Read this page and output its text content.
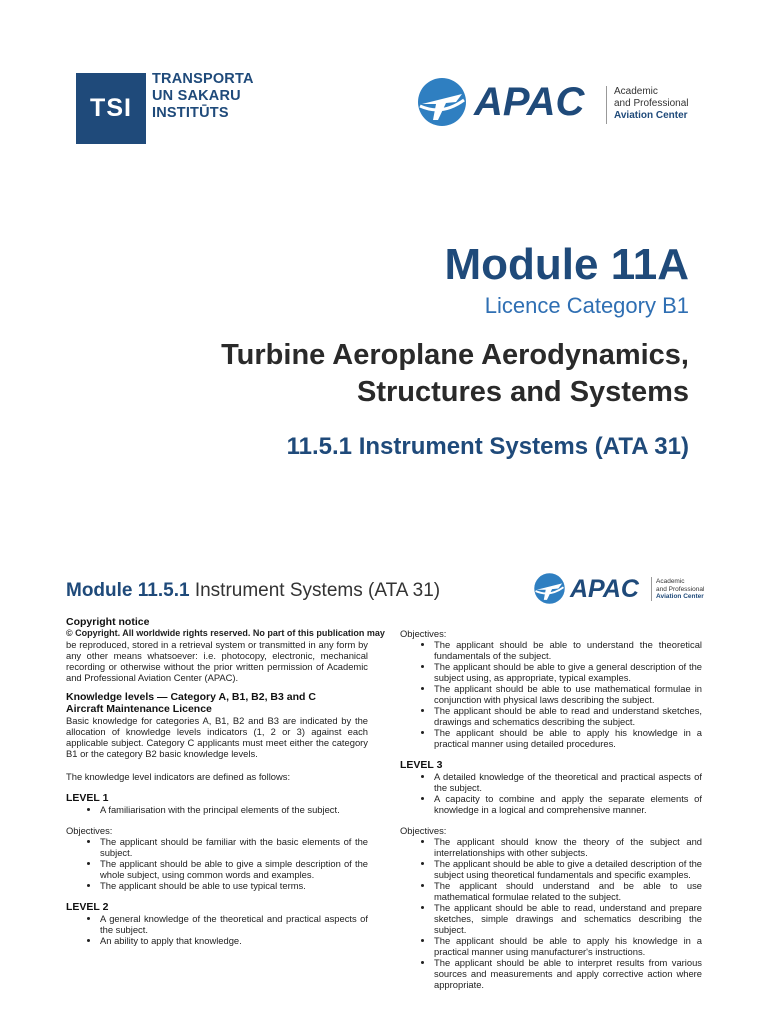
TSI
TRANSPORTA
UN SAKARU
INSTITŪTS	APAC	Academic
and Professional
Aviation Center
Module 11A
Licence Category B1
Turbine Aeroplane Aerodynamics,
Structures and Systems
11.5.1 Instrument Systems (ATA 31)
Module 11.5.1 Instrument Systems (ATA 31)	APAC	Academic
and Professional
Aviation Center
Copyright notice

© Copyright. All worldwide rights reserved. No part of this publication may

be reproduced, stored in a retrieval system or transmitted in any form by any other means whatsoever: i.e. photocopy, electronic, mechanical recording or otherwise without the prior written permission of Academic and Professional Aviation Center (APAC).

Knowledge levels — Category A, B1, B2, B3 and C
Aircraft Maintenance Licence

Basic knowledge for categories A, B1, B2 and B3 are indicated by the allocation of knowledge levels indicators (1, 2 or 3) against each applicable subject. Category C applicants must meet either the category B1 or the category B2 basic knowledge levels.

The knowledge level indicators are defined as follows:

LEVEL 1
• A familiarisation with the principal elements of the subject.

Objectives:

• The applicant should be familiar with the basic elements of the subject.
• The applicant should be able to give a simple description of the whole subject, using common words and examples.
• The applicant should be able to use typical terms.
LEVEL 2
• A general knowledge of the theoretical and practical aspects of the subject.
• An ability to apply that knowledge.

Objectives:

• The applicant should be able to understand the theoretical fundamentals of the subject.
• The applicant should be able to give a general description of the subject using, as appropriate, typical examples.
• The applicant should be able to use mathematical formulae in conjunction with physical laws describing the subject.
• The applicant should be able to read and understand sketches, drawings and schematics describing the subject.
• The applicant should be able to apply his knowledge in a practical manner using detailed procedures.
LEVEL 3
• A detailed knowledge of the theoretical and practical aspects of the subject.
• A capacity to combine and apply the separate elements of knowledge in a logical and comprehensive manner.

Objectives:

• The applicant should know the theory of the subject and interrelationships with other subjects.
• The applicant should be able to give a detailed description of the subject using theoretical fundamentals and specific examples.
• The applicant should understand and be able to use mathematical formulae related to the subject.
• The applicant should be able to read, understand and prepare sketches, simple drawings and schematics describing the subject.
• The applicant should be able to apply his knowledge in a practical manner using manufacturer's instructions.
• The applicant should be able to interpret results from various sources and measurements and apply corrective action where appropriate.
